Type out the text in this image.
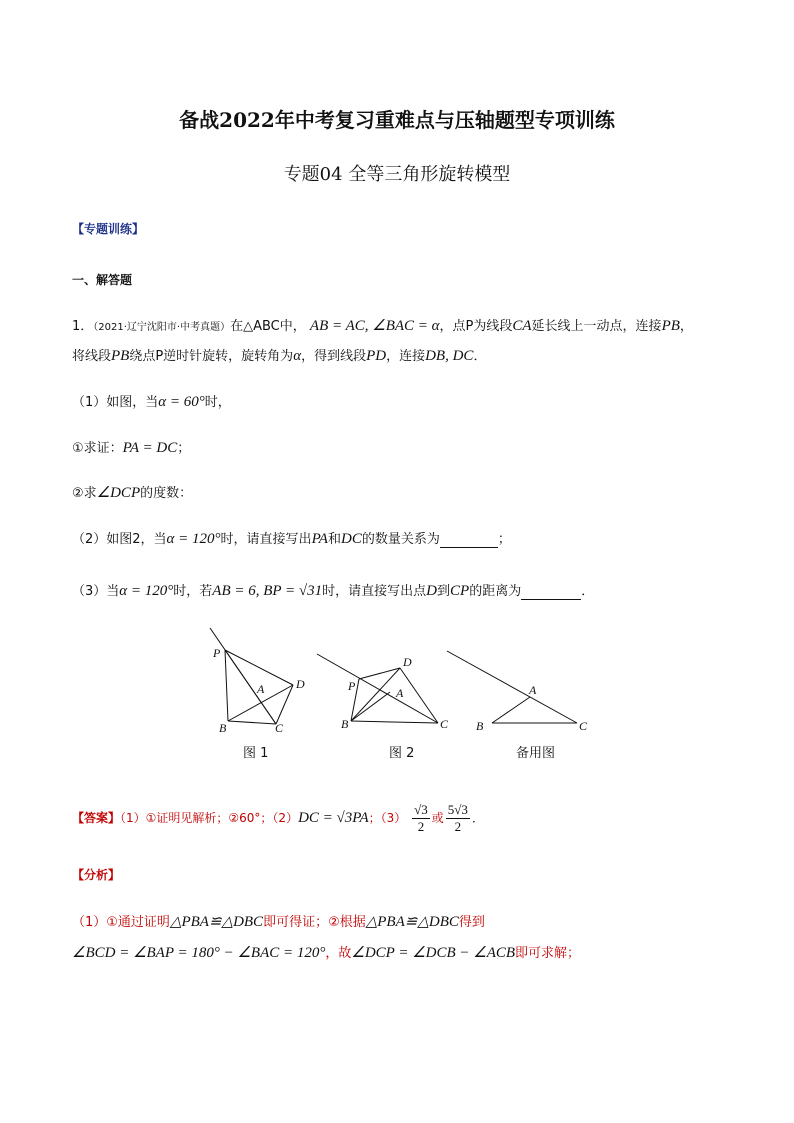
备战2022年中考复习重难点与压轴题型专项训练
专题04 全等三角形旋转模型
【专题训练】
一、解答题
1．（2021·辽宁沈阳市·中考真题）在△ABC中， AB = AC, ∠BAC = α，点P为线段CA延长线上一动点，连接PB，
将线段PB绕点P逆时针旋转，旋转角为α，得到线段PD，连接DB, DC．
（1）如图，当α = 60°时，
①求证：PA = DC；
②求∠DCP的度数：
（2）如图2，当α = 120°时，请直接写出PA和DC的数量关系为	；
（3）当α = 120°时，若AB = 6, BP = √31时，请直接写出点D到CP的距离为	．
P
A	D
B	C
P	A
D
B	C
A
B	C
图 1	图 2	备用图
【答案】（1）①证明见解析；②60°；（2）DC = √3PA；$(3) \frac{√3}{2}$ 或 $\frac{5√3}{2}$ ．
【分析】
（1）①通过证明△PBA≌△DBC即可得证；②根据△PBA≌△DBC得到
∠BCD = ∠BAP = 180° − ∠BAC = 120°，故∠DCP = ∠DCB − ∠ACB即可求解；
